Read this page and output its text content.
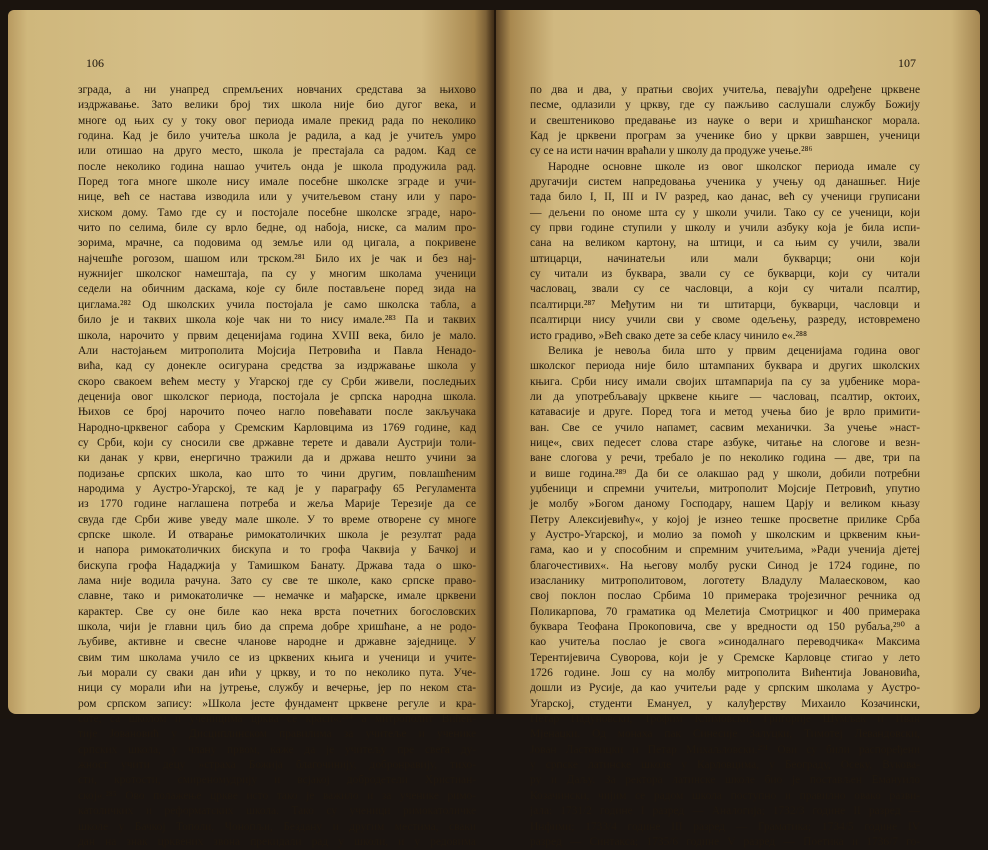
106
зграда, а ни унапред спремљених новчаних средстава за њихово
издржавање. Зато велики број тих школа није био дугог века, и
многе од њих су у току овог периода имале прекид рада по неколико
година. Кад је било учитеља школа је радила, а кад је учитељ умро
или отишао на друго место, школа је престајала са радом. Кад се
после неколико година нашао учитељ онда је школа продужила рад.
Поред тога многе школе нису имале посебне школске зграде и учи-
нице, већ се настава изводила или у учитељевом стану или у паро-
хиском дому. Тамо где су и постојале посебне школске зграде, нарo-
чито по селима, биле су врло бедне, од набоја, ниске, са малим про-
зорима, мрачне, са подовима од земље или од цигала, а покривене
најчешће рогозом, шашом или трском.²⁸¹ Било их је чак и без нај-
нужнијег школског намештаја, па су у многим школама ученици
седели на обичним даскама, које су биле постављене поред зида на
циглама.²⁸² Од школских учила постојала је само школска табла, а
било је и таквих школа које чак ни то нису имале.²⁸³ Па и таквих
школа, нарочито у првим деценијама година XVIII века, било је мало.
Али настојањем митрополита Мојсија Петровића и Павла Ненадо-
вића, кад су донекле осигурана средства за издржавање школа у
скоро свакоем већем месту у Угарској где су Срби живели, последњих
деценија овог школског периода, постојала је српска народна школа.
Њихов се број нарочито почео нагло повећавати после закључака
Народно-црквеног сабора у Сремским Карловцима из 1769 године, кад
су Срби, који су сносили све државне терете и давали Аустрији толи-
ки данак у крви, енергично тражили да и држава нешто учини за
подизање српских школа, као што то чини другим, повлашћеним
народима у Аустро-Угарској, те кад је у параграфу 65 Регуламента
из 1770 године наглашена потреба и жеља Марије Терезије да се
свуда где Срби живе уведу мале школе. У то време отворене су многе
српске школе. И отварање римокатоличких школа је резултат рада
и напора римокатоличких бискупа и то грофа Чаквија у Бачкој и
бискупа грофа Нададжија у Тамишком Банату. Држава тада о шко-
лама није водила рачуна. Зато су све те школе, како српске право-
славне, тако и римокатоличке — немачке и мађарске, имале црквени
карактер. Све су оне биле као нека врста почетних богословских
школа, чији је главни циљ био да спрема добре хришћане, а не родо-
љубиве, активне и свесне чланове народне и државне заједнице. У
свим тим школама учило се из црквених књига и ученици и учитe-
љи морали су сваки дан ићи у цркву, и то по неколико пута. Уче-
ници су морали ићи на јутрење, службу и вечерње, јер по неком ста-
ром српском запису: »Школа јесте фундамент црквене регуле и кра-
соте, са школом и ученицима црква се краси«.²⁸⁴ а митрополит Вићен-
тије Јовановић у Дисциплинском правилима за учитеље и ученике
српских школа, у члану првом, каже да је учитељу пре свега ду-
жност учити децу »страха Божија благочинију, добронравију, тихо-
сти, кротости, смиреномудрију и всјакој добродетели Христиан-
ској«.²⁸⁵ Ово полажење цркве исто тако је важило и за ученике римо-
католичких и реформатских школа. Тако су ученици римокатоличке
школе у Бачкој Тополи, Чонопљи, Бездану и другим местима, сваки
дан на знак црквених звона прекидали рад у школи, и у редовима
107
по два и два, у пратњи својих учитеља, певајући одређене црквене
песме, одлазили у цркву, где су пажљиво саслушали службу Божију
и свештениково предавање из науке о вери и хришћанског морала.
Кад је црквени програм за ученике био у цркви завршен, ученици
су се на исти начин враћали у школу да продуже учење.²⁸⁶
Народне основне школе из овог школског периода имале су
другачији систем напредовања ученика у учењу од данашњег. Није
тада било I, II, III и IV разред, као данас, већ су ученици груписани
— дељени по ономе шта су у школи учили. Тако су се ученици, који
су први годинe ступили у школу и учили азбуку која је била испи-
сана на великом картону, на штици, и са њим су учили, звали
штицарци, начинатељи или мали букварци; они који
су читали из буквара, звали су се букварци, који су читали
часловац, звали су се часловци, а који су читали псалтир,
псалтирци.²⁸⁷ Међутим ни ти штитарци, букварци, часловци и
псалтирци нису учили сви у своме одељењу, разреду, истовремено
исто градиво, »Већ свако дете за себе класу чинило е«.²⁸⁸
Велика је невоља била што у првим деценијама година овог
школског периода није било штампаних буквара и других школских
књига. Срби нису имали својих штампарија па су за уџбенике мора-
ли да употребљавају црквене књиге — часловац, псалтир, октоих,
катавасије и друге. Поред тога и метод учења био је врло примити-
ван. Све се учило напамет, сасвим механички. За учење »наст-
нице«, свих педесет слова старе азбуке, читање на слогове и везн-
ване слогова у речи, требало је по неколико година — две, три па
и више година.²⁸⁹ Да би се олакшао рад у школи, добили потребни
уџбеници и спремни учитељи, митрополит Мојсије Петровић, упутио
је молбу »Богом даному Господару, нашем Царју и великом књазу
Петру Алексијевићу«, у којој је изнео тешке просветне прилике Срба
у Аустро-Угарској, и молио за помоћ у школским и црквеним књи-
гама, као и у способним и спремним учитељима, »Ради ученија дјетеј
благочестивих«. На његову молбу руски Синод је 1724 године, по
изасланику митрополитовом, логотету Владулу Малаесковом, као
свој поклон послао Србима 10 примерака тројезичног речника од
Поликарпова, 70 граматика од Мелетија Смотрицког и 400 примерака
буквара Теофана Прокоповича, све у вредности од 150 рубаља,²⁹⁰ а
као учитеља послао је свога »синодалнаго переводчика« Максима
Терентијевича Суворова, који је у Сремске Карловце стигао у лето
1726 године. Још су на молбу митрополита Вићентија Јовановића,
дошли из Русије, да као учитељи раде у српским школама у Аустро-
Угарској, студенти Емануел, у калуђерству Михаило Козачински,
Петар Падуновски, Трофим Климовски, Григорије Шумљак и Иван
Мјенацки. Од монаха пак Синесије Залуцки, Тимотеј Левандовски,
Јован Ластовицки и Петар Михаљловски.²⁹¹ Ови су били распоређени
у српске латинске школе у Карловцима, у Београду, Осеку, Вукова-
ру и Даљу. За ректора латинске школе био је постављен Емануило
Козачински, чијим се радом школа поступно и правилно овако разви-
јала: 1731/2 године I разред — Аналогија; 1732/3 године II разред —
Инфими; 1733/4 године III разред — Граматика; 1734/5 године IV
разред — Синтакса; 1735/6 године V разред — Поетика и 1736/7 го-
